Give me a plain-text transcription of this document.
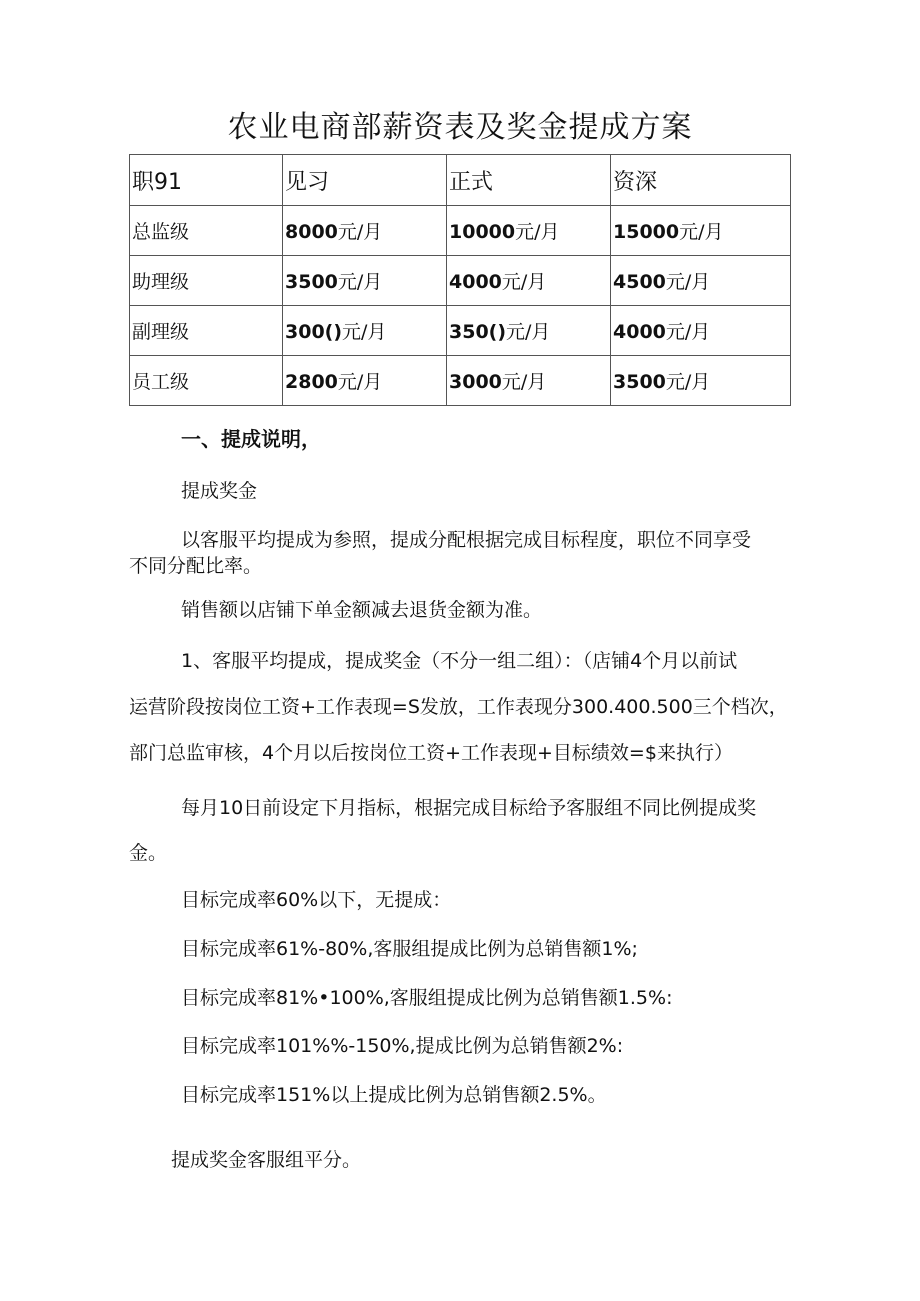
农业电商部薪资表及奖金提成方案
职91	见习	正式	资深
总监级	8000元/月	10000元/月	15000元/月
助理级	3500元/月	4000元/月	4500元/月
副理级	300()元/月	350()元/月	4000元/月
员工级	2800元/月	3000元/月	3500元/月

一、提成说明，

提成奖金

以客服平均提成为参照，提成分配根据完成目标程度，职位不同享受

不同分配比率。

销售额以店铺下单金额减去退货金额为准。

1、客服平均提成，提成奖金（不分一组二组）：（店铺4个月以前试

运营阶段按岗位工资+工作表现=S发放，工作表现分300.400.500三个档次，

部门总监审核，4个月以后按岗位工资+工作表现+目标绩效=$来执行）

每月10日前设定下月指标，根据完成目标给予客服组不同比例提成奖

金。

目标完成率60%以下，无提成：

目标完成率61%-80%,客服组提成比例为总销售额1%;

目标完成率81%•100%,客服组提成比例为总销售额1.5%:

目标完成率101%%-150%,提成比例为总销售额2%:

目标完成率151%以上提成比例为总销售额2.5%。

提成奖金客服组平分。
